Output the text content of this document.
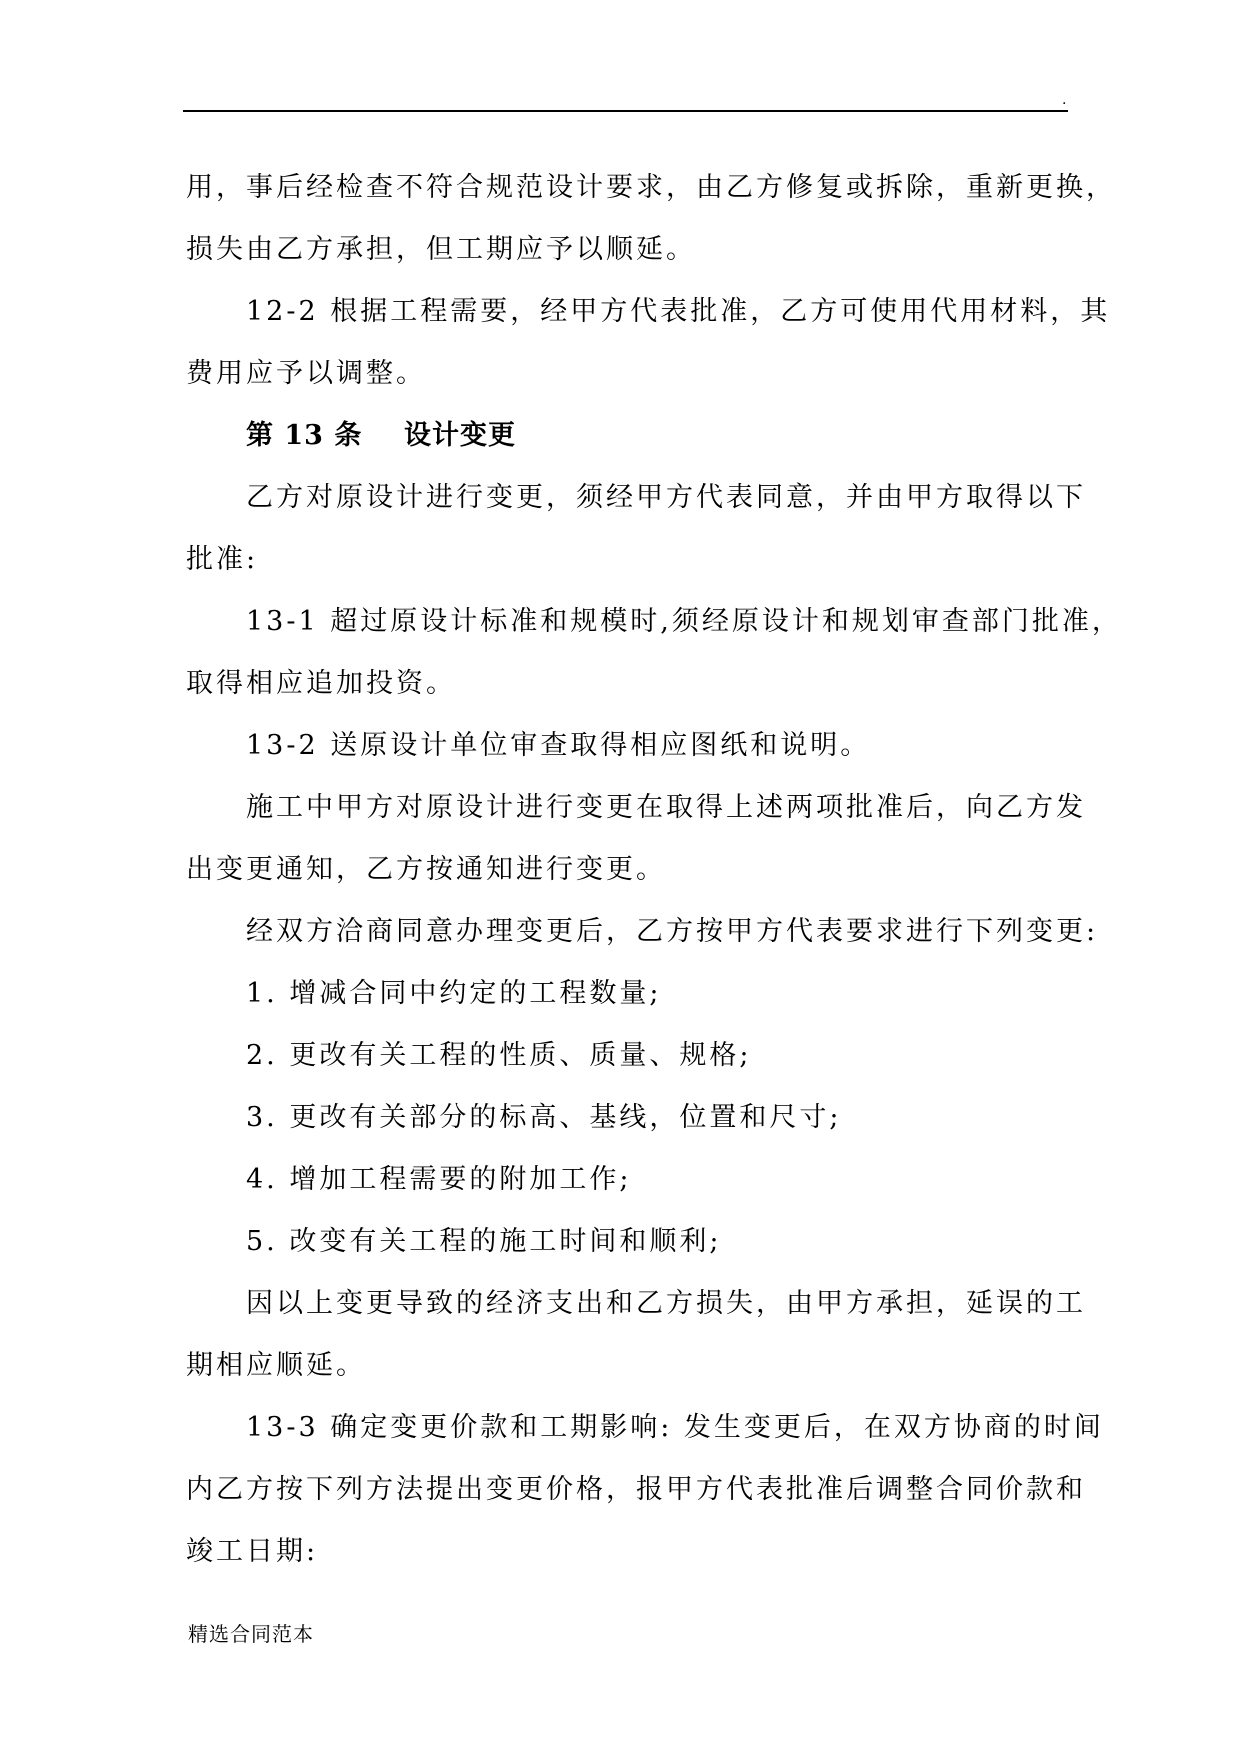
.
用，事后经检查不符合规范设计要求，由乙方修复或拆除，重新更换，
损失由乙方承担，但工期应予以顺延。
12-2 根据工程需要，经甲方代表批准，乙方可使用代用材料，其
费用应予以调整。
第 13 条 设计变更
乙方对原设计进行变更，须经甲方代表同意，并由甲方取得以下
批准:
13-1 超过原设计标准和规模时,须经原设计和规划审查部门批准，
取得相应追加投资。
13-2 送原设计单位审查取得相应图纸和说明。
施工中甲方对原设计进行变更在取得上述两项批准后，向乙方发
出变更通知，乙方按通知进行变更。
经双方洽商同意办理变更后，乙方按甲方代表要求进行下列变更:
1. 增减合同中约定的工程数量;
2. 更改有关工程的性质、质量、规格;
3. 更改有关部分的标高、基线，位置和尺寸;
4. 增加工程需要的附加工作;
5. 改变有关工程的施工时间和顺利;
因以上变更导致的经济支出和乙方损失，由甲方承担，延误的工
期相应顺延。
13-3 确定变更价款和工期影响: 发生变更后，在双方协商的时间
内乙方按下列方法提出变更价格，报甲方代表批准后调整合同价款和
竣工日期:
精选合同范本
